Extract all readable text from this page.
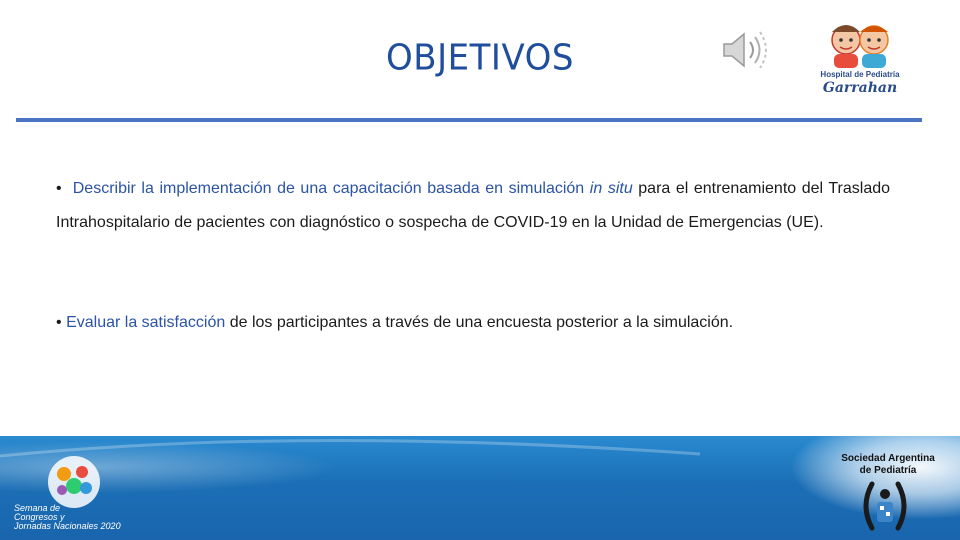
OBJETIVOS	Hospital de Pediatría
Garrahan
• Describir la implementación de una capacitación basada en simulación in situ para el entrenamiento del Traslado Intrahospitalario de pacientes con diagnóstico o sospecha de COVID-19 en la Unidad de Emergencias (UE).
• Evaluar la satisfacción de los participantes a través de una encuesta posterior a la simulación.
Semana de
Congresos y
Jornadas Nacionales 2020
Sociedad Argentina
de Pediatría
